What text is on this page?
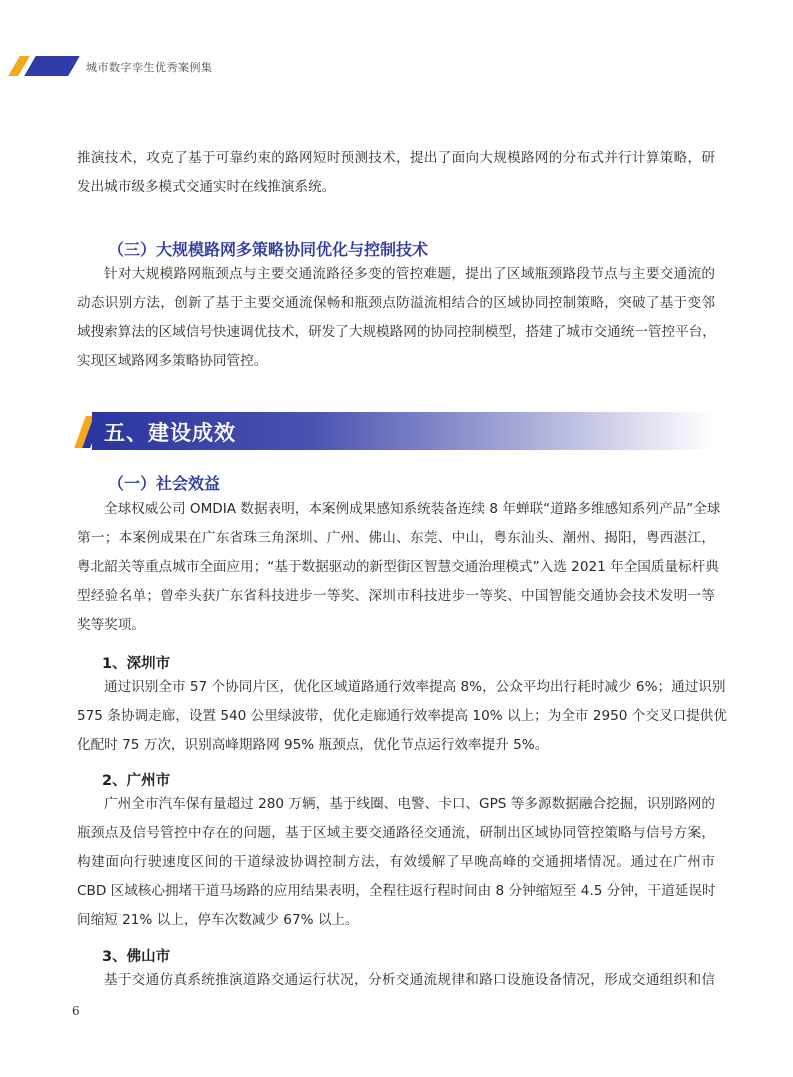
城市数字孪生优秀案例集
推演技术，攻克了基于可靠约束的路网短时预测技术，提出了面向大规模路网的分布式并行计算策略，研
发出城市级多模式交通实时在线推演系统。
（三）大规模路网多策略协同优化与控制技术
针对大规模路网瓶颈点与主要交通流路径多变的管控难题，提出了区域瓶颈路段节点与主要交通流的
动态识别方法，创新了基于主要交通流保畅和瓶颈点防溢流相结合的区域协同控制策略，突破了基于变邻
域搜索算法的区域信号快速调优技术，研发了大规模路网的协同控制模型，搭建了城市交通统一管控平台，
实现区域路网多策略协同管控。
五、建设成效
（一）社会效益
全球权威公司 OMDIA 数据表明，本案例成果感知系统装备连续 8 年蝉联“道路多维感知系列产品”全球
第一；本案例成果在广东省珠三角深圳、广州、佛山、东莞、中山，粤东汕头、潮州、揭阳，粤西湛江，
粤北韶关等重点城市全面应用；“基于数据驱动的新型街区智慧交通治理模式”入选 2021 年全国质量标杆典
型经验名单；曾牵头获广东省科技进步一等奖、深圳市科技进步一等奖、中国智能交通协会技术发明一等
奖等奖项。
1、深圳市
通过识别全市 57 个协同片区，优化区域道路通行效率提高 8%，公众平均出行耗时减少 6%；通过识别
575 条协调走廊，设置 540 公里绿波带，优化走廊通行效率提高 10% 以上；为全市 2950 个交叉口提供优
化配时 75 万次，识别高峰期路网 95% 瓶颈点，优化节点运行效率提升 5%。
2、广州市
广州全市汽车保有量超过 280 万辆，基于线圈、电警、卡口、GPS 等多源数据融合挖掘，识别路网的
瓶颈点及信号管控中存在的问题，基于区域主要交通路径交通流，研制出区域协同管控策略与信号方案，
构建面向行驶速度区间的干道绿波协调控制方法，有效缓解了早晚高峰的交通拥堵情况。通过在广州市
CBD 区域核心拥堵干道马场路的应用结果表明，全程往返行程时间由 8 分钟缩短至 4.5 分钟，干道延误时
间缩短 21% 以上，停车次数减少 67% 以上。
3、佛山市
基于交通仿真系统推演道路交通运行状况，分析交通流规律和路口设施设备情况，形成交通组织和信
6
